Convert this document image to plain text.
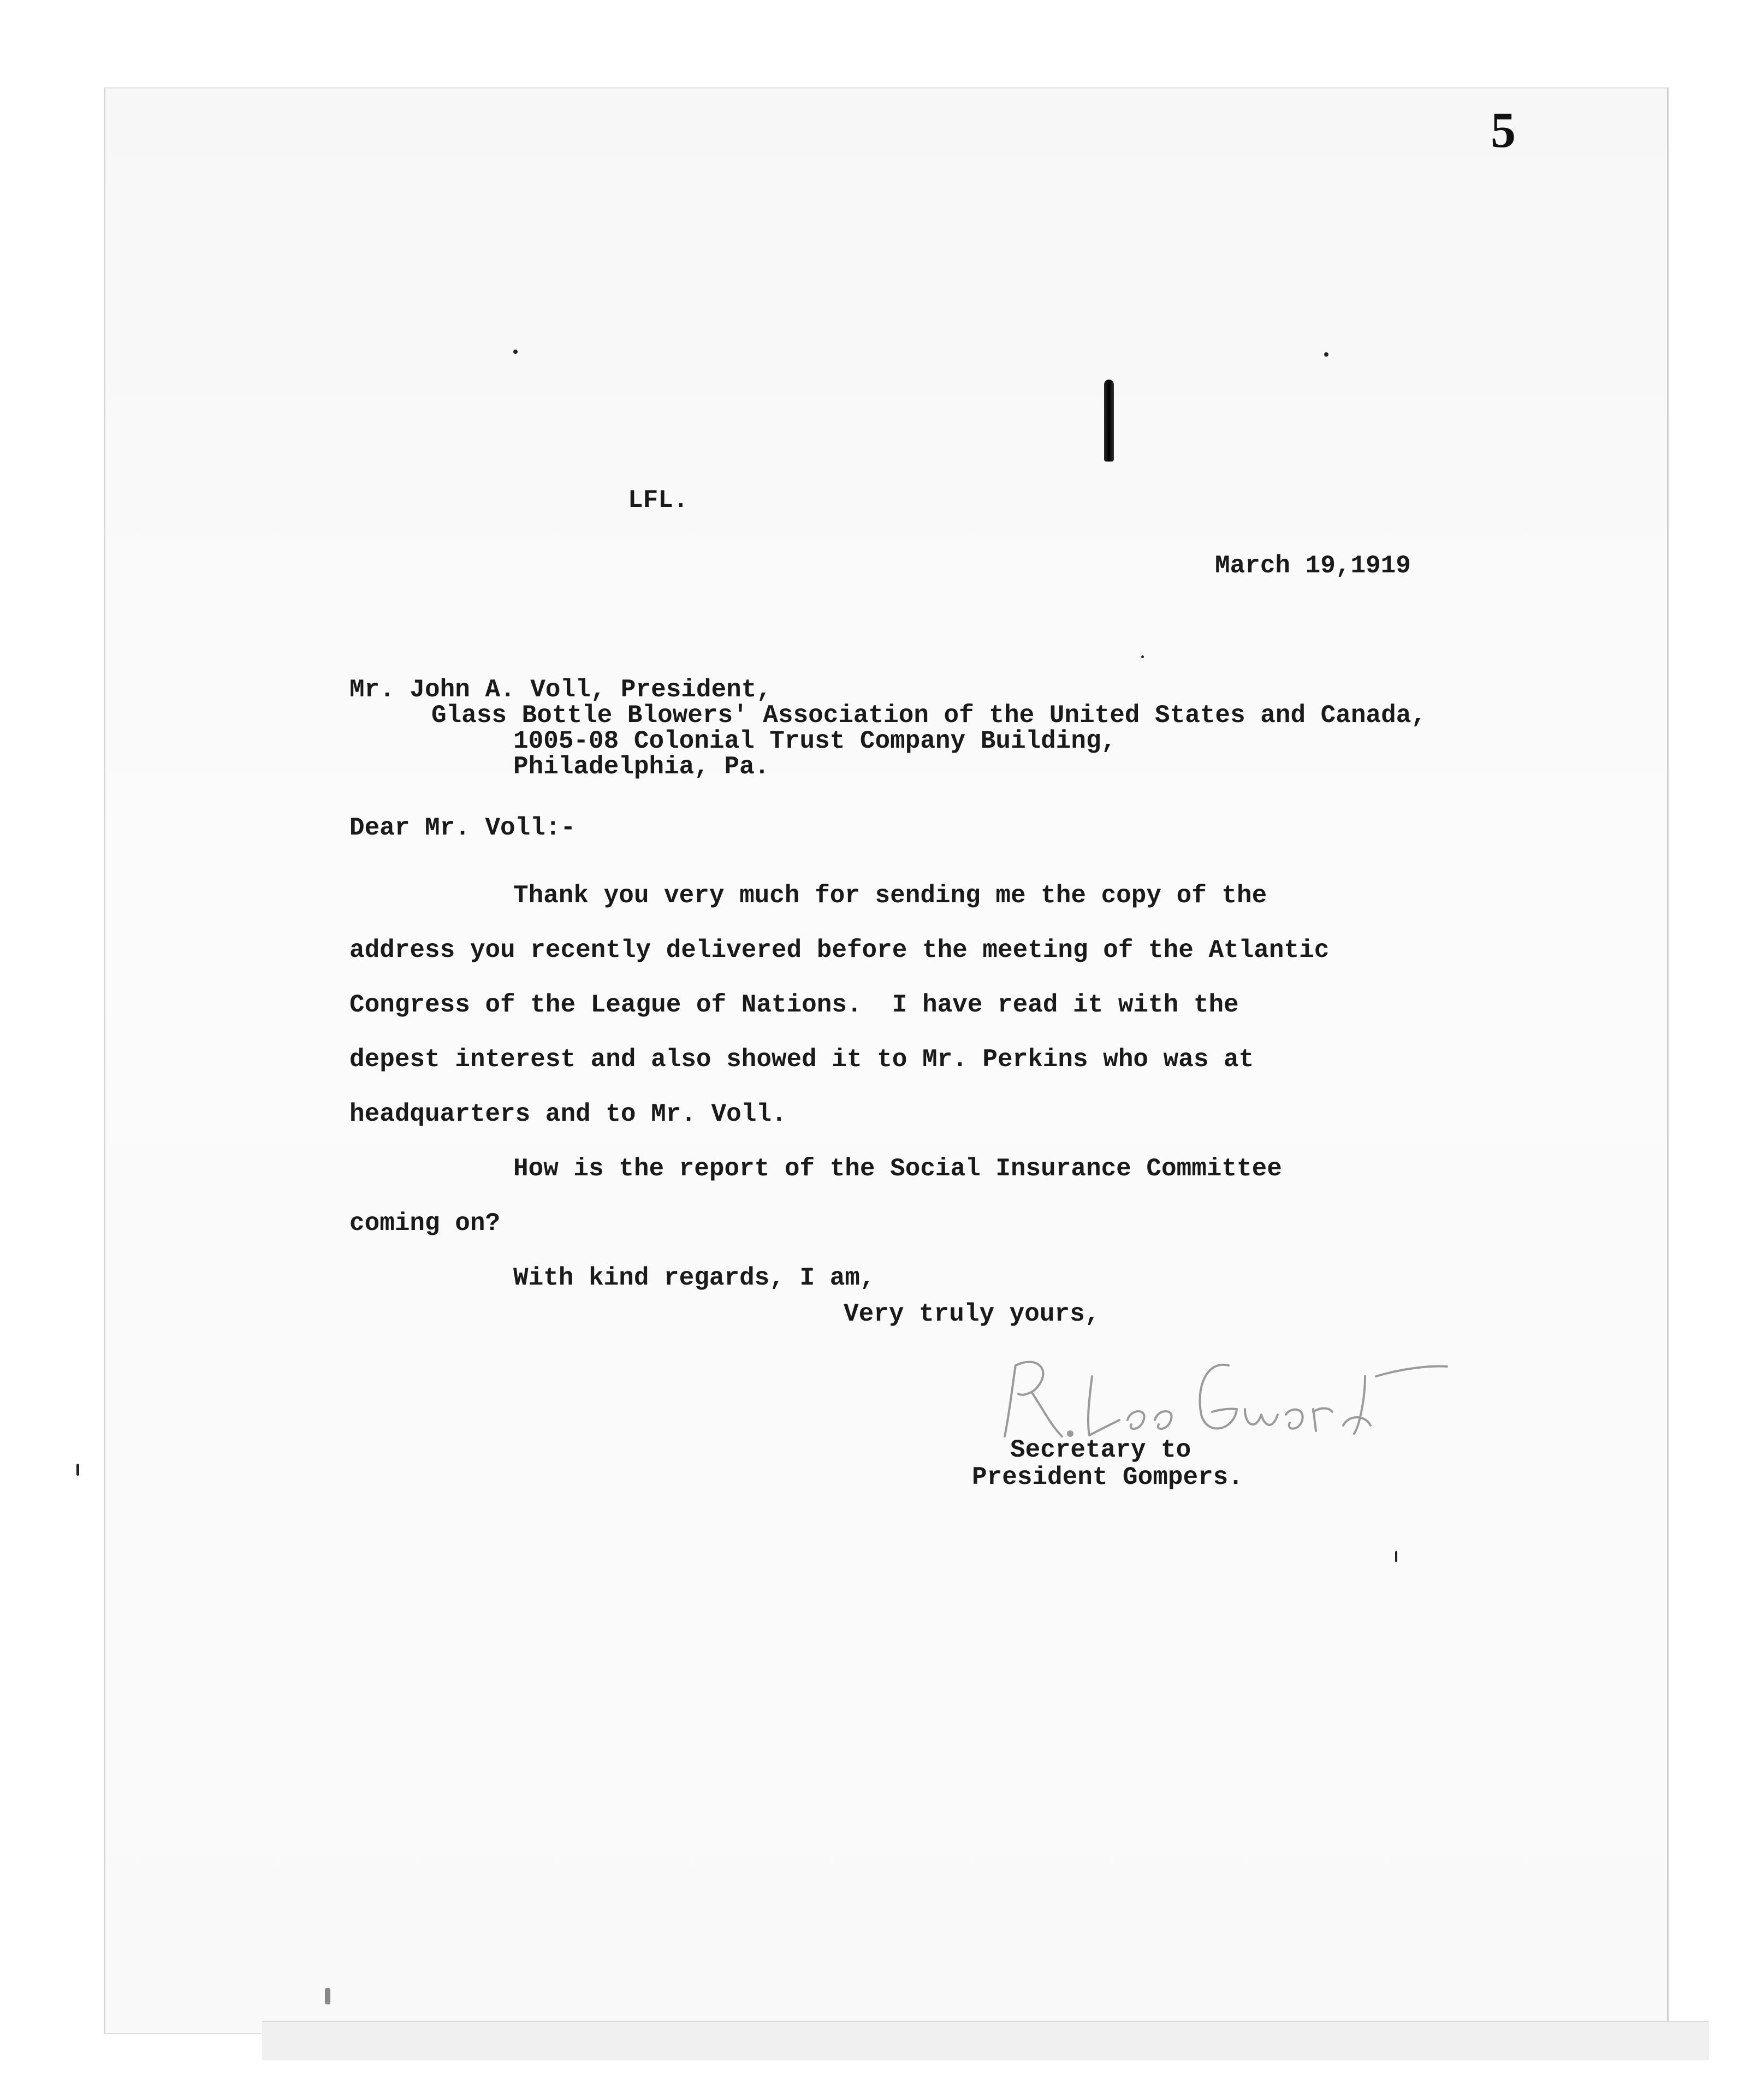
5
LFL.
March 19,1919
Mr. John A. Voll, President,
Glass Bottle Blowers' Association of the United States and Canada,
1005-08 Colonial Trust Company Building,
Philadelphia, Pa.
Dear Mr. Voll:-
Thank you very much for sending me the copy of the
address you recently delivered before the meeting of the Atlantic
Congress of the League of Nations.  I have read it with the
depest interest and also showed it to Mr. Perkins who was at
headquarters and to Mr. Voll.
How is the report of the Social Insurance Committee
coming on?
With kind regards, I am,
Very truly yours,
Secretary to
President Gompers.
